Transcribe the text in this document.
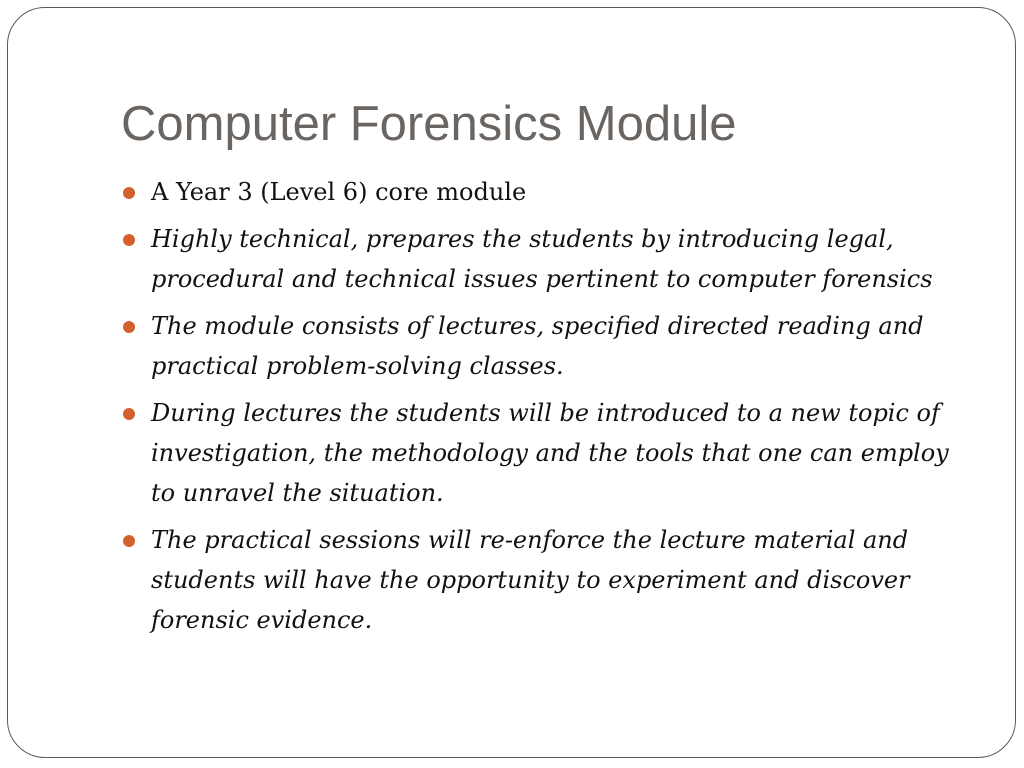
Computer Forensics Module
A Year 3 (Level 6) core module
Highly technical, prepares the students by introducing legal, procedural and technical issues pertinent to computer forensics
The module consists of lectures, specified directed reading and practical problem-solving classes.
During lectures the students will be introduced to a new topic of investigation, the methodology and the tools that one can employ to unravel the situation.
The practical sessions will re-enforce the lecture material and students will have the opportunity to experiment and discover forensic evidence.
